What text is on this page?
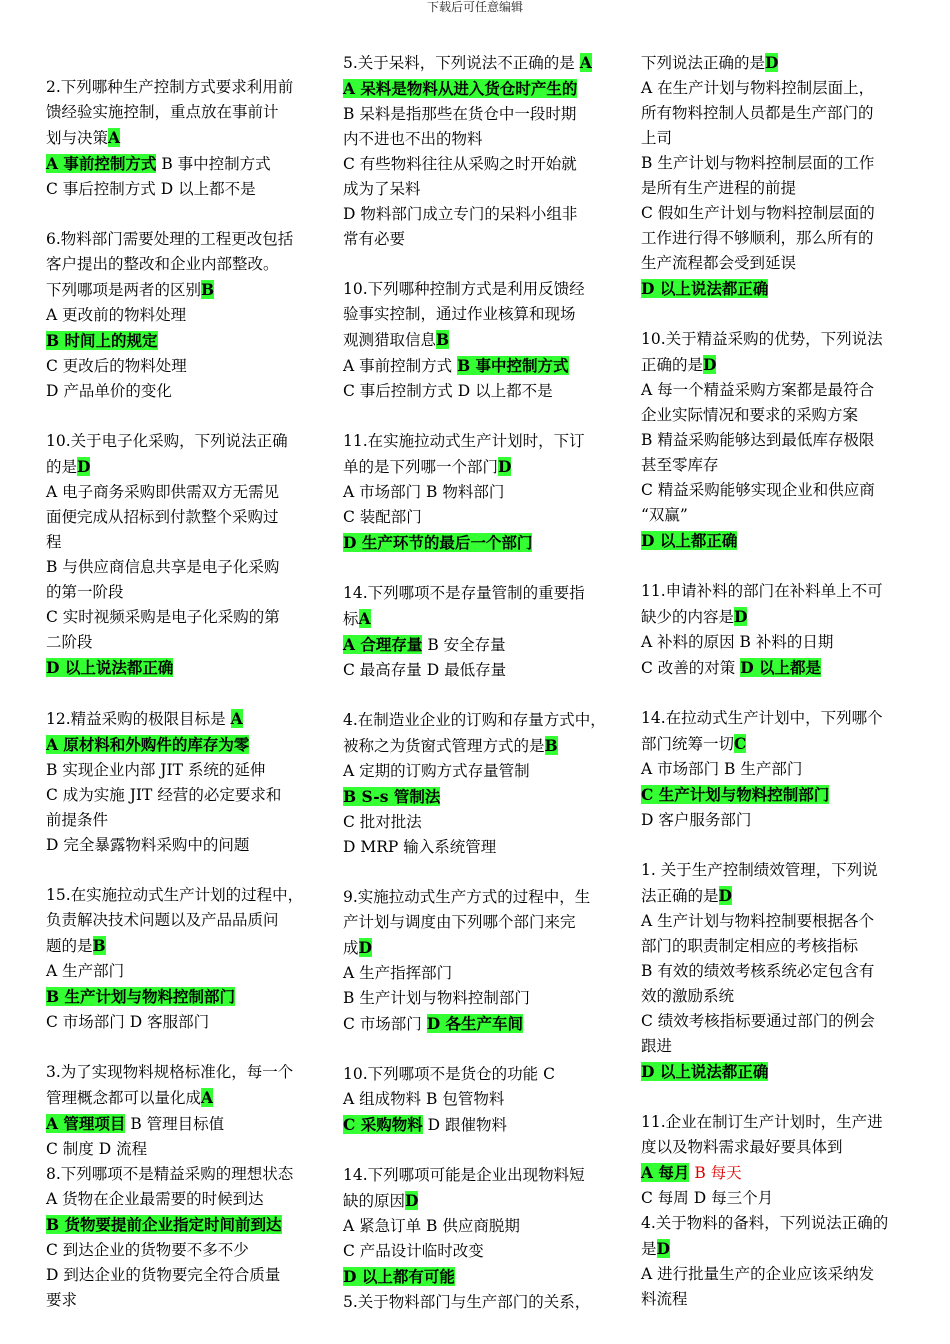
下载后可任意编辑
2.下列哪种生产控制方式要求利用前
馈经验实施控制，重点放在事前计
划与决策A
A 事前控制方式 B 事中控制方式
C 事后控制方式 D 以上都不是
6.物料部门需要处理的工程更改包括
客户提出的整改和企业内部整改。
下列哪项是两者的区别B
A 更改前的物料处理
B 时间上的规定
C 更改后的物料处理
D 产品单价的变化
10.关于电子化采购，下列说法正确
的是D
A 电子商务采购即供需双方无需见
面便完成从招标到付款整个采购过
程
B 与供应商信息共享是电子化采购
的第一阶段
C 实时视频采购是电子化采购的第
二阶段
D 以上说法都正确
12.精益采购的极限目标是 A
A 原材料和外购件的库存为零
B 实现企业内部 JIT 系统的延伸
C 成为实施 JIT 经营的必定要求和
前提条件
D 完全暴露物料采购中的问题
15.在实施拉动式生产计划的过程中，
负责解决技术问题以及产品品质问
题的是B
A 生产部门
B 生产计划与物料控制部门
C 市场部门 D 客服部门
3.为了实现物料规格标准化，每一个
管理概念都可以量化成A
A 管理项目 B 管理目标值
C 制度 D 流程
8.下列哪项不是精益采购的理想状态
A 货物在企业最需要的时候到达
B 货物要提前企业指定时间前到达
C 到达企业的货物要不多不少
D 到达企业的货物要完全符合质量
要求
5.关于呆料，下列说法不正确的是 A
A 呆料是物料从进入货仓时产生的
B 呆料是指那些在货仓中一段时期
内不进也不出的物料
C 有些物料往往从采购之时开始就
成为了呆料
D 物料部门成立专门的呆料小组非
常有必要
10.下列哪种控制方式是利用反馈经
验事实控制，通过作业核算和现场
观测猎取信息B
A 事前控制方式 B 事中控制方式
C 事后控制方式 D 以上都不是
11.在实施拉动式生产计划时，下订
单的是下列哪一个部门D
A 市场部门 B 物料部门
C 装配部门
D 生产环节的最后一个部门
14.下列哪项不是存量管制的重要指
标A
A 合理存量 B 安全存量
C 最高存量 D 最低存量
4.在制造业企业的订购和存量方式中，
被称之为货窗式管理方式的是B
A 定期的订购方式存量管制
B S-s 管制法
C 批对批法
D MRP 输入系统管理
9.实施拉动式生产方式的过程中，生
产计划与调度由下列哪个部门来完
成D
A 生产指挥部门
B 生产计划与物料控制部门
C 市场部门 D 各生产车间
10.下列哪项不是货仓的功能 C
A 组成物料 B 包管物料
C 采购物料 D 跟催物料
14.下列哪项可能是企业出现物料短
缺的原因D
A 紧急订单 B 供应商脱期
C 产品设计临时改变
D 以上都有可能
5.关于物料部门与生产部门的关系，
下列说法正确的是D
A 在生产计划与物料控制层面上，
所有物料控制人员都是生产部门的
上司
B 生产计划与物料控制层面的工作
是所有生产进程的前提
C 假如生产计划与物料控制层面的
工作进行得不够顺利，那么所有的
生产流程都会受到延误
D 以上说法都正确
10.关于精益采购的优势，下列说法
正确的是D
A 每一个精益采购方案都是最符合
企业实际情况和要求的采购方案
B 精益采购能够达到最低库存极限
甚至零库存
C 精益采购能够实现企业和供应商
“双赢”
D 以上都正确
11.申请补料的部门在补料单上不可
缺少的内容是D
A 补料的原因 B 补料的日期
C 改善的对策 D 以上都是
14.在拉动式生产计划中，下列哪个
部门统筹一切C
A 市场部门 B 生产部门
C 生产计划与物料控制部门
D 客户服务部门
1. 关于生产控制绩效管理，下列说
法正确的是D
A 生产计划与物料控制要根据各个
部门的职责制定相应的考核指标
B 有效的绩效考核系统必定包含有
效的激励系统
C 绩效考核指标要通过部门的例会
跟进
D 以上说法都正确
11.企业在制订生产计划时，生产进
度以及物料需求最好要具体到
A 每月 B 每天
C 每周 D 每三个月
4.关于物料的备料，下列说法正确的
是D
A 进行批量生产的企业应该采纳发
料流程
